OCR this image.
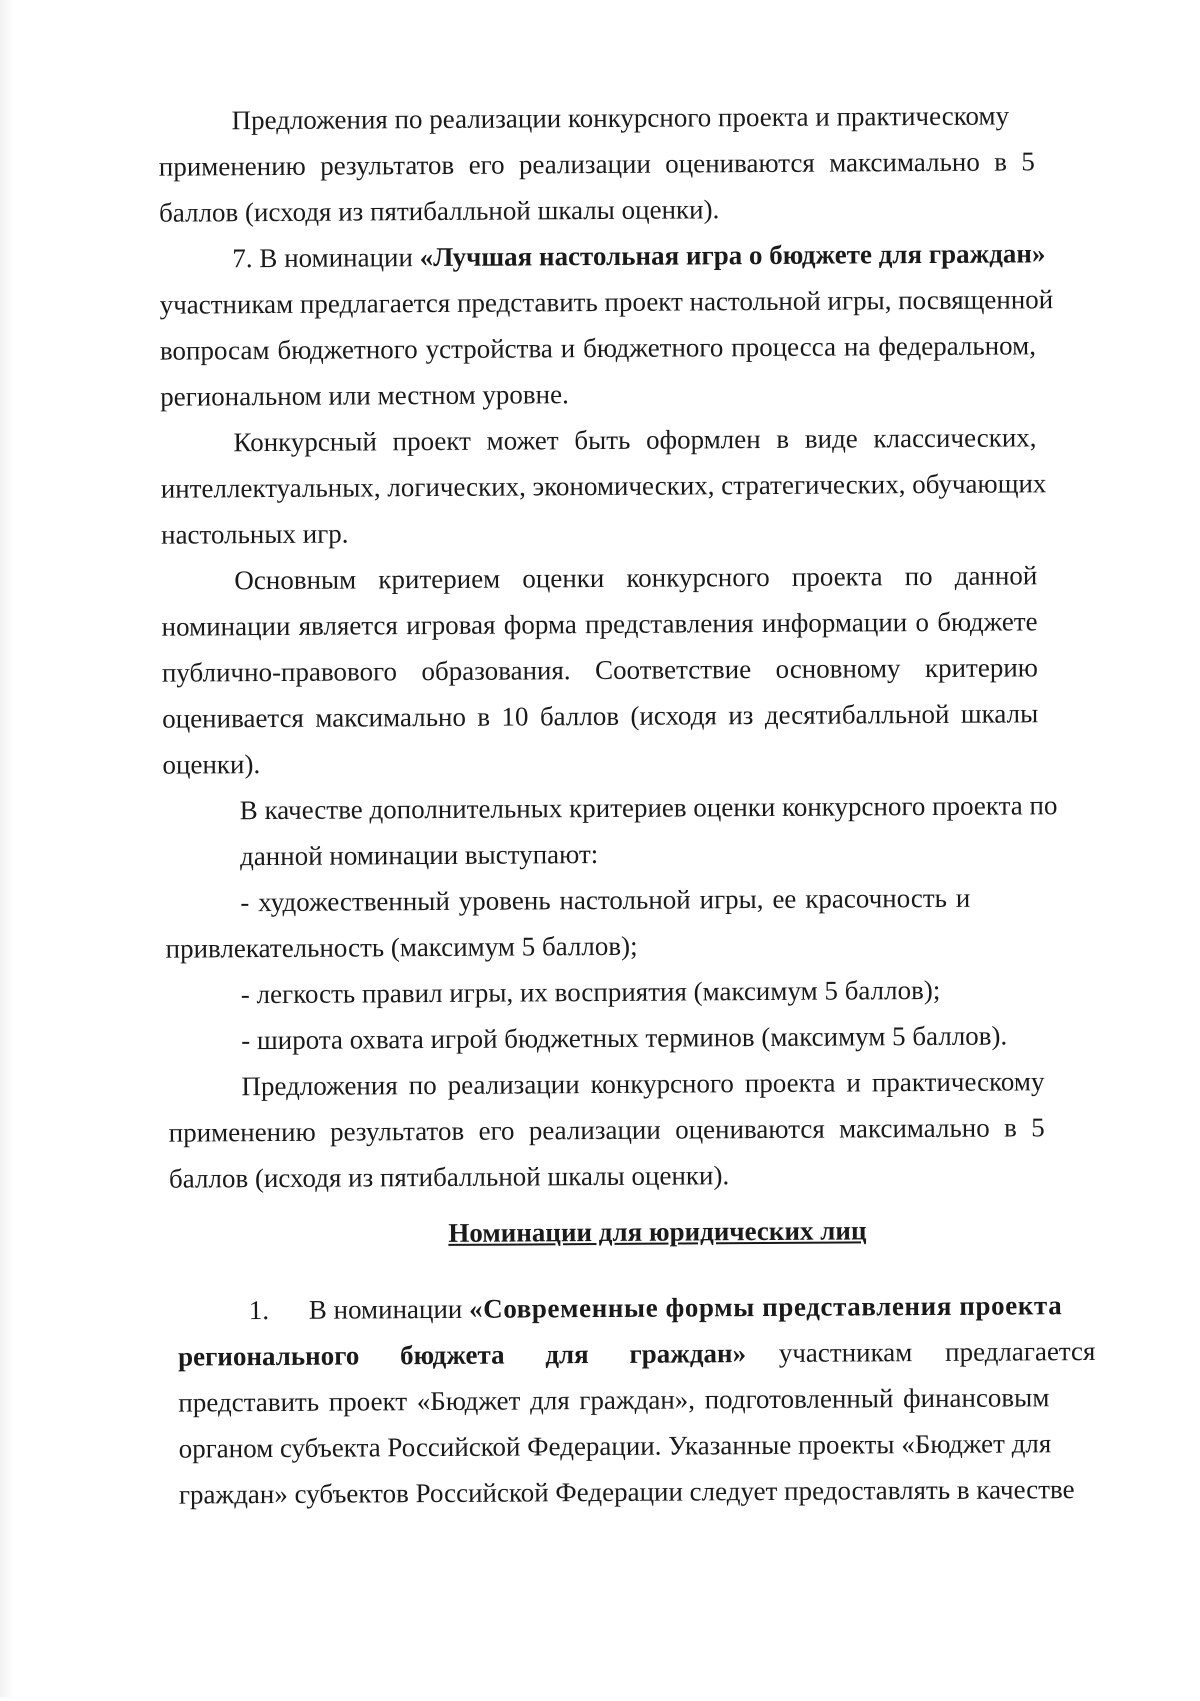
Предложения по реализации конкурсного проекта и практическому
применению результатов его реализации оцениваются максимально в 5
баллов (исходя из пятибалльной шкалы оценки).
7. В номинации «Лучшая настольная игра о бюджете для граждан»
участникам предлагается представить проект настольной игры, посвященной
вопросам бюджетного устройства и бюджетного процесса на федеральном,
региональном или местном уровне.
Конкурсный проект может быть оформлен в виде классических,
интеллектуальных, логических, экономических, стратегических, обучающих
настольных игр.
Основным критерием оценки конкурсного проекта по данной
номинации является игровая форма представления информации о бюджете
публично-правового образования. Соответствие основному критерию
оценивается максимально в 10 баллов (исходя из десятибалльной шкалы
оценки).
В качестве дополнительных критериев оценки конкурсного проекта по
данной номинации выступают:
- художественный уровень настольной игры, ее красочность и
привлекательность (максимум 5 баллов);
- легкость правил игры, их восприятия (максимум 5 баллов);
- широта охвата игрой бюджетных терминов (максимум 5 баллов).
Предложения по реализации конкурсного проекта и практическому
применению результатов его реализации оцениваются максимально в 5
баллов (исходя из пятибалльной шкалы оценки).
Номинации для юридических лиц
1. В номинации «Современные формы представления проекта
регионального бюджета для граждан» участникам предлагается
представить проект «Бюджет для граждан», подготовленный финансовым
органом субъекта Российской Федерации. Указанные проекты «Бюджет для
граждан» субъектов Российской Федерации следует предоставлять в качестве
